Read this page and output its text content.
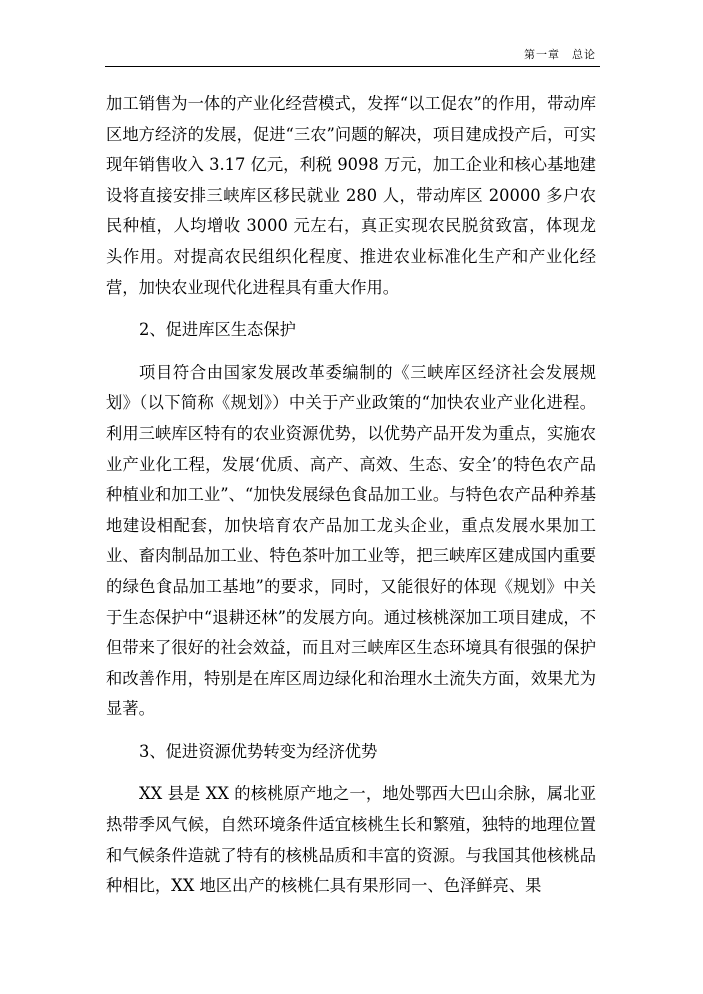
第一章　总论

加工销售为一体的产业化经营模式，发挥“以工促农”的作用，带动库区地方经济的发展，促进“三农”问题的解决，项目建成投产后，可实现年销售收入 3.17 亿元，利税 9098 万元，加工企业和核心基地建设将直接安排三峡库区移民就业 280 人，带动库区 20000 多户农民种植，人均增收 3000 元左右，真正实现农民脱贫致富，体现龙头作用。对提高农民组织化程度、推进农业标准化生产和产业化经营，加快农业现代化进程具有重大作用。

2、促进库区生态保护

项目符合由国家发展改革委编制的《三峡库区经济社会发展规划》（以下简称《规划》）中关于产业政策的“加快农业产业化进程。利用三峡库区特有的农业资源优势，以优势产品开发为重点，实施农业产业化工程，发展‘优质、高产、高效、生态、安全’的特色农产品种植业和加工业”、“加快发展绿色食品加工业。与特色农产品种养基地建设相配套，加快培育农产品加工龙头企业，重点发展水果加工业、畜肉制品加工业、特色茶叶加工业等，把三峡库区建成国内重要的绿色食品加工基地”的要求，同时，又能很好的体现《规划》中关于生态保护中“退耕还林”的发展方向。通过核桃深加工项目建成，不但带来了很好的社会效益，而且对三峡库区生态环境具有很强的保护和改善作用，特别是在库区周边绿化和治理水土流失方面，效果尤为显著。

3、促进资源优势转变为经济优势

XX 县是 XX 的核桃原产地之一，地处鄂西大巴山余脉，属北亚热带季风气候，自然环境条件适宜核桃生长和繁殖，独特的地理位置和气候条件造就了特有的核桃品质和丰富的资源。与我国其他核桃品种相比，XX 地区出产的核桃仁具有果形同一、色泽鲜亮、果
